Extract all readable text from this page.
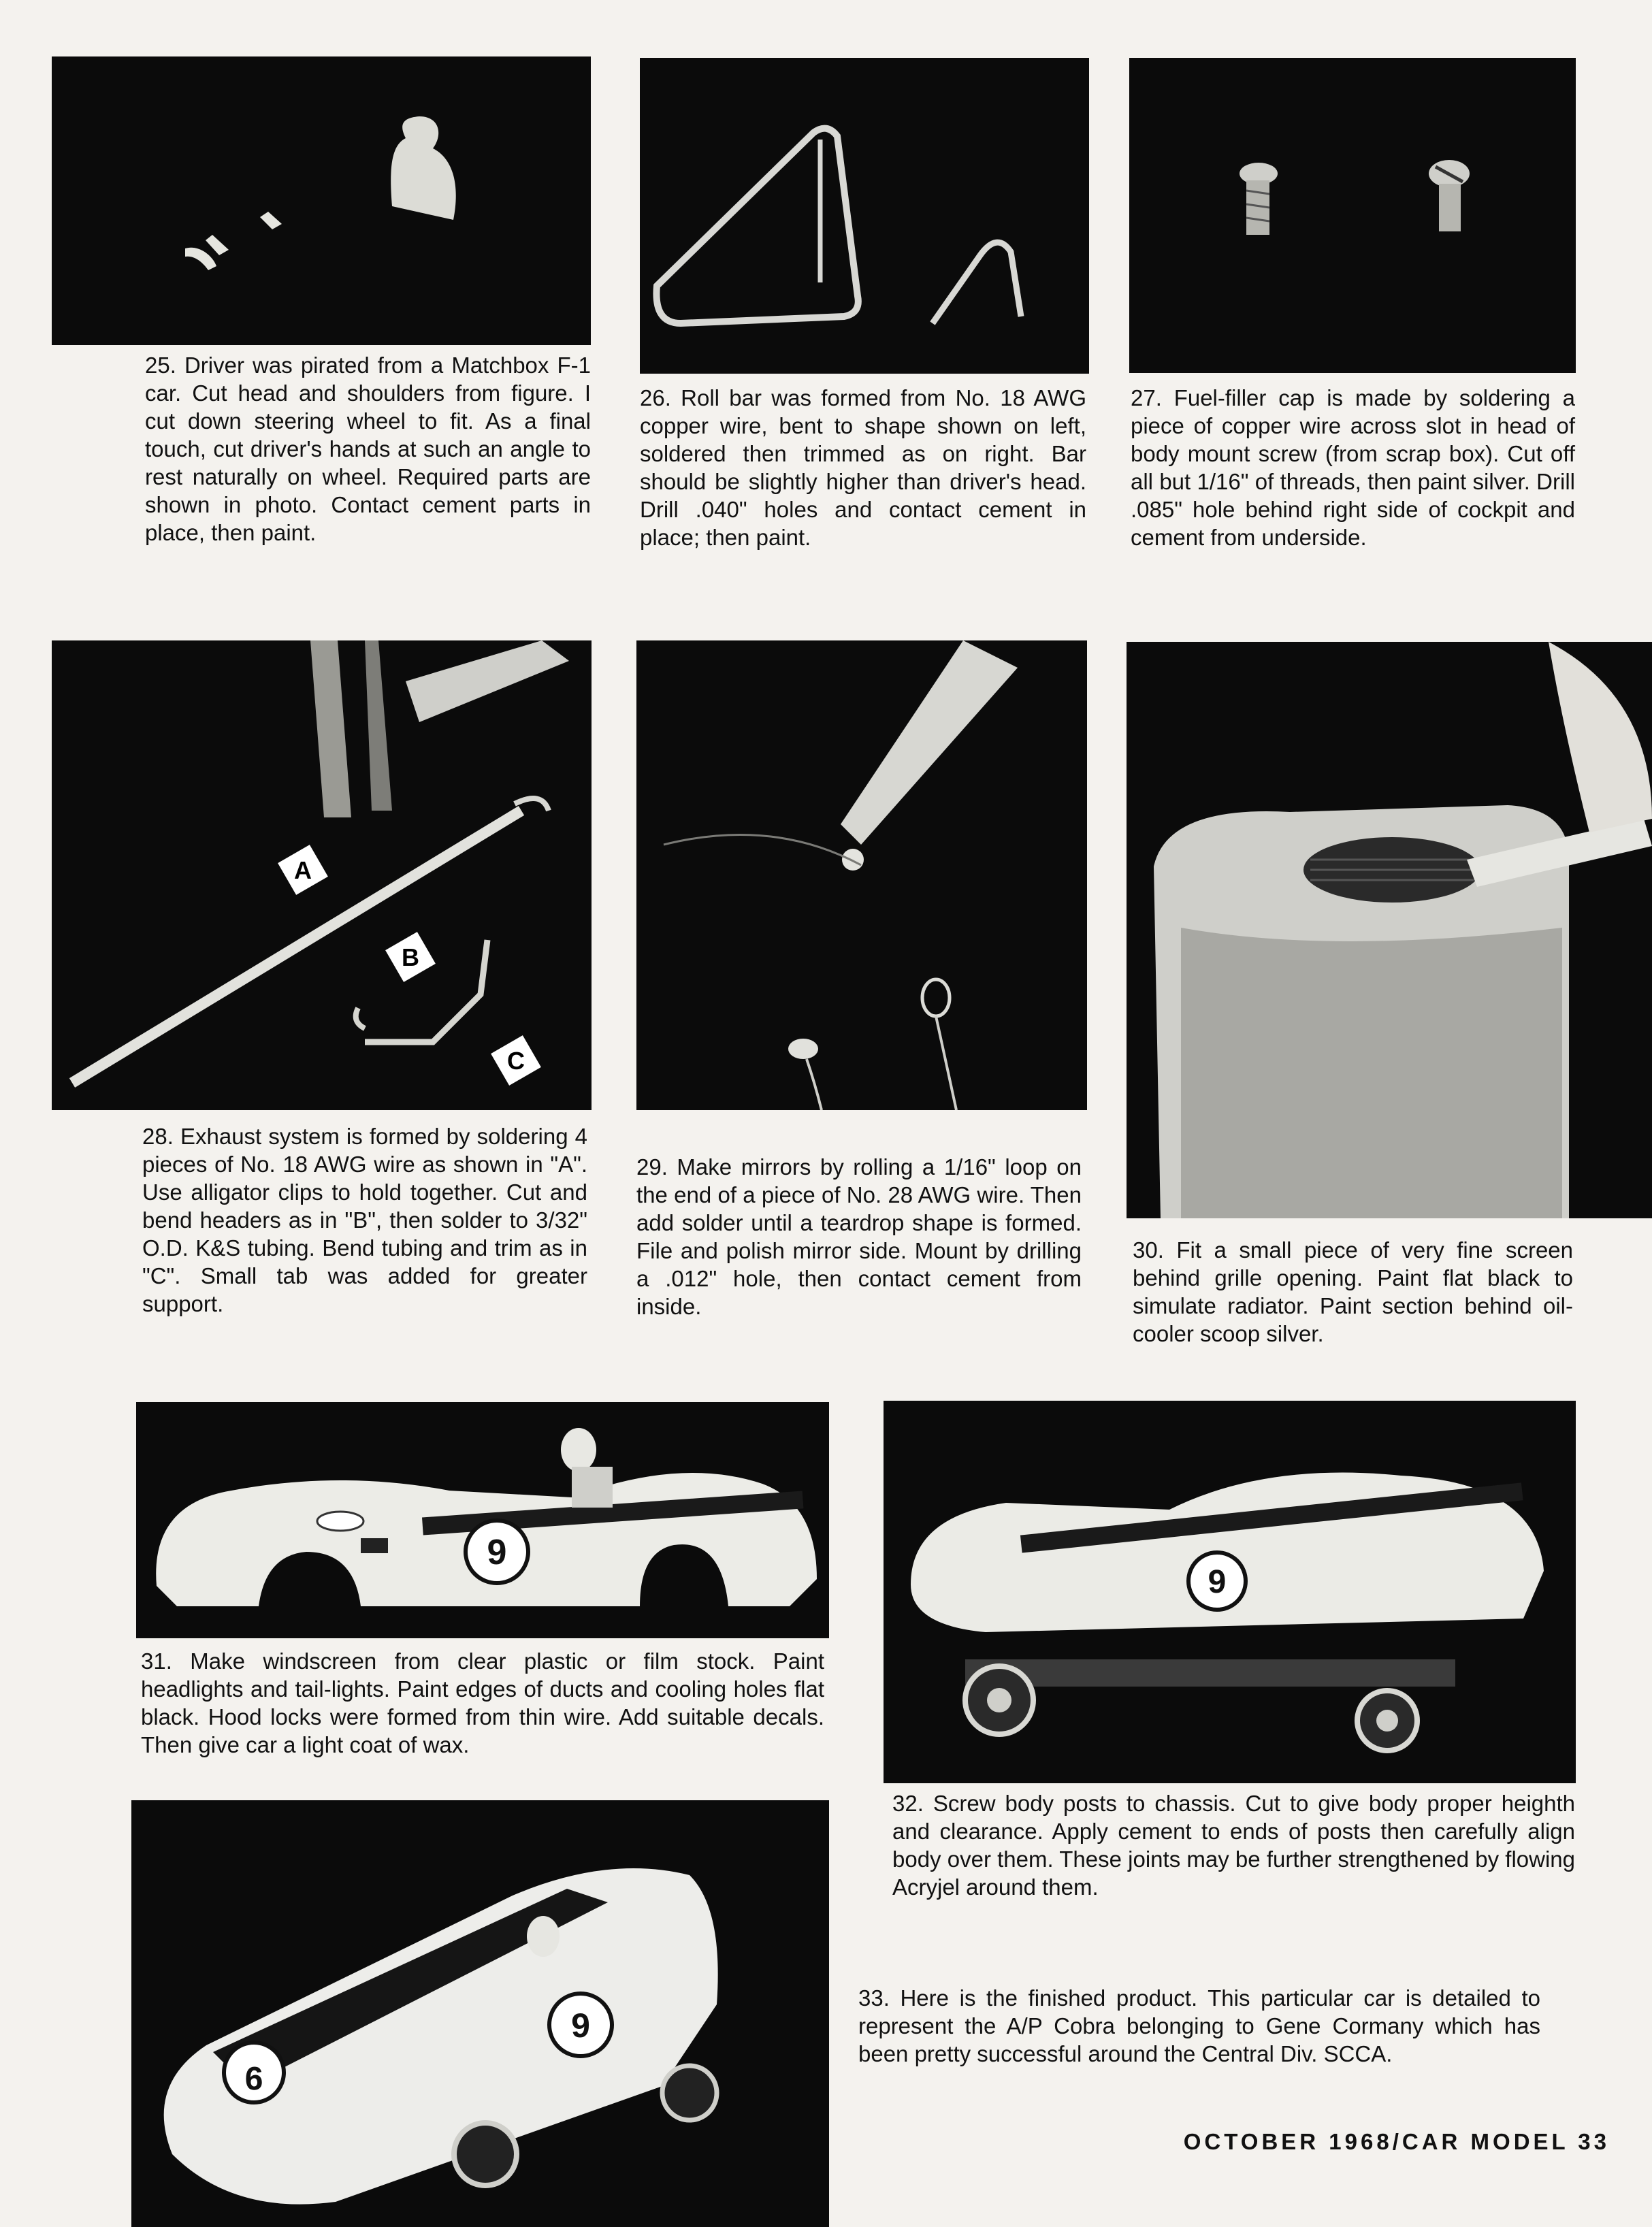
25. Driver was pirated from a Matchbox F-1 car. Cut head and shoulders from figure. I cut down steering wheel to fit. As a final touch, cut driver's hands at such an angle to rest naturally on wheel. Required parts are shown in photo. Contact cement parts in place, then paint.

26. Roll bar was formed from No. 18 AWG copper wire, bent to shape shown on left, soldered then trimmed as on right. Bar should be slightly higher than driver's head. Drill .040" holes and contact cement in place; then paint.

27. Fuel-filler cap is made by soldering a piece of copper wire across slot in head of body mount screw (from scrap box). Cut off all but 1/16" of threads, then paint silver. Drill .085" hole behind right side of cockpit and cement from underside.

A
B
C

28. Exhaust system is formed by soldering 4 pieces of No. 18 AWG wire as shown in "A". Use alligator clips to hold together. Cut and bend headers as in "B", then solder to 3/32" O.D. K&S tubing. Bend tubing and trim as in "C". Small tab was added for greater support.

29. Make mirrors by rolling a 1/16" loop on the end of a piece of No. 28 AWG wire. Then add solder until a teardrop shape is formed. File and polish mirror side. Mount by drilling a .012" hole, then contact cement from inside.

30. Fit a small piece of very fine screen behind grille opening. Paint flat black to simulate radiator. Paint section behind oil-cooler scoop silver.

9

31. Make windscreen from clear plastic or film stock. Paint headlights and tail-lights. Paint edges of ducts and cooling holes flat black. Hood locks were formed from thin wire. Add suitable decals. Then give car a light coat of wax.

9

32. Screw body posts to chassis. Cut to give body proper heighth and clearance. Apply cement to ends of posts then carefully align body over them. These joints may be further strengthened by flowing Acryjel around them.

9
9

33. Here is the finished product. This particular car is detailed to represent the A/P Cobra belonging to Gene Cormany which has been pretty successful around the Central Div. SCCA.

OCTOBER 1968/CAR MODEL 33
